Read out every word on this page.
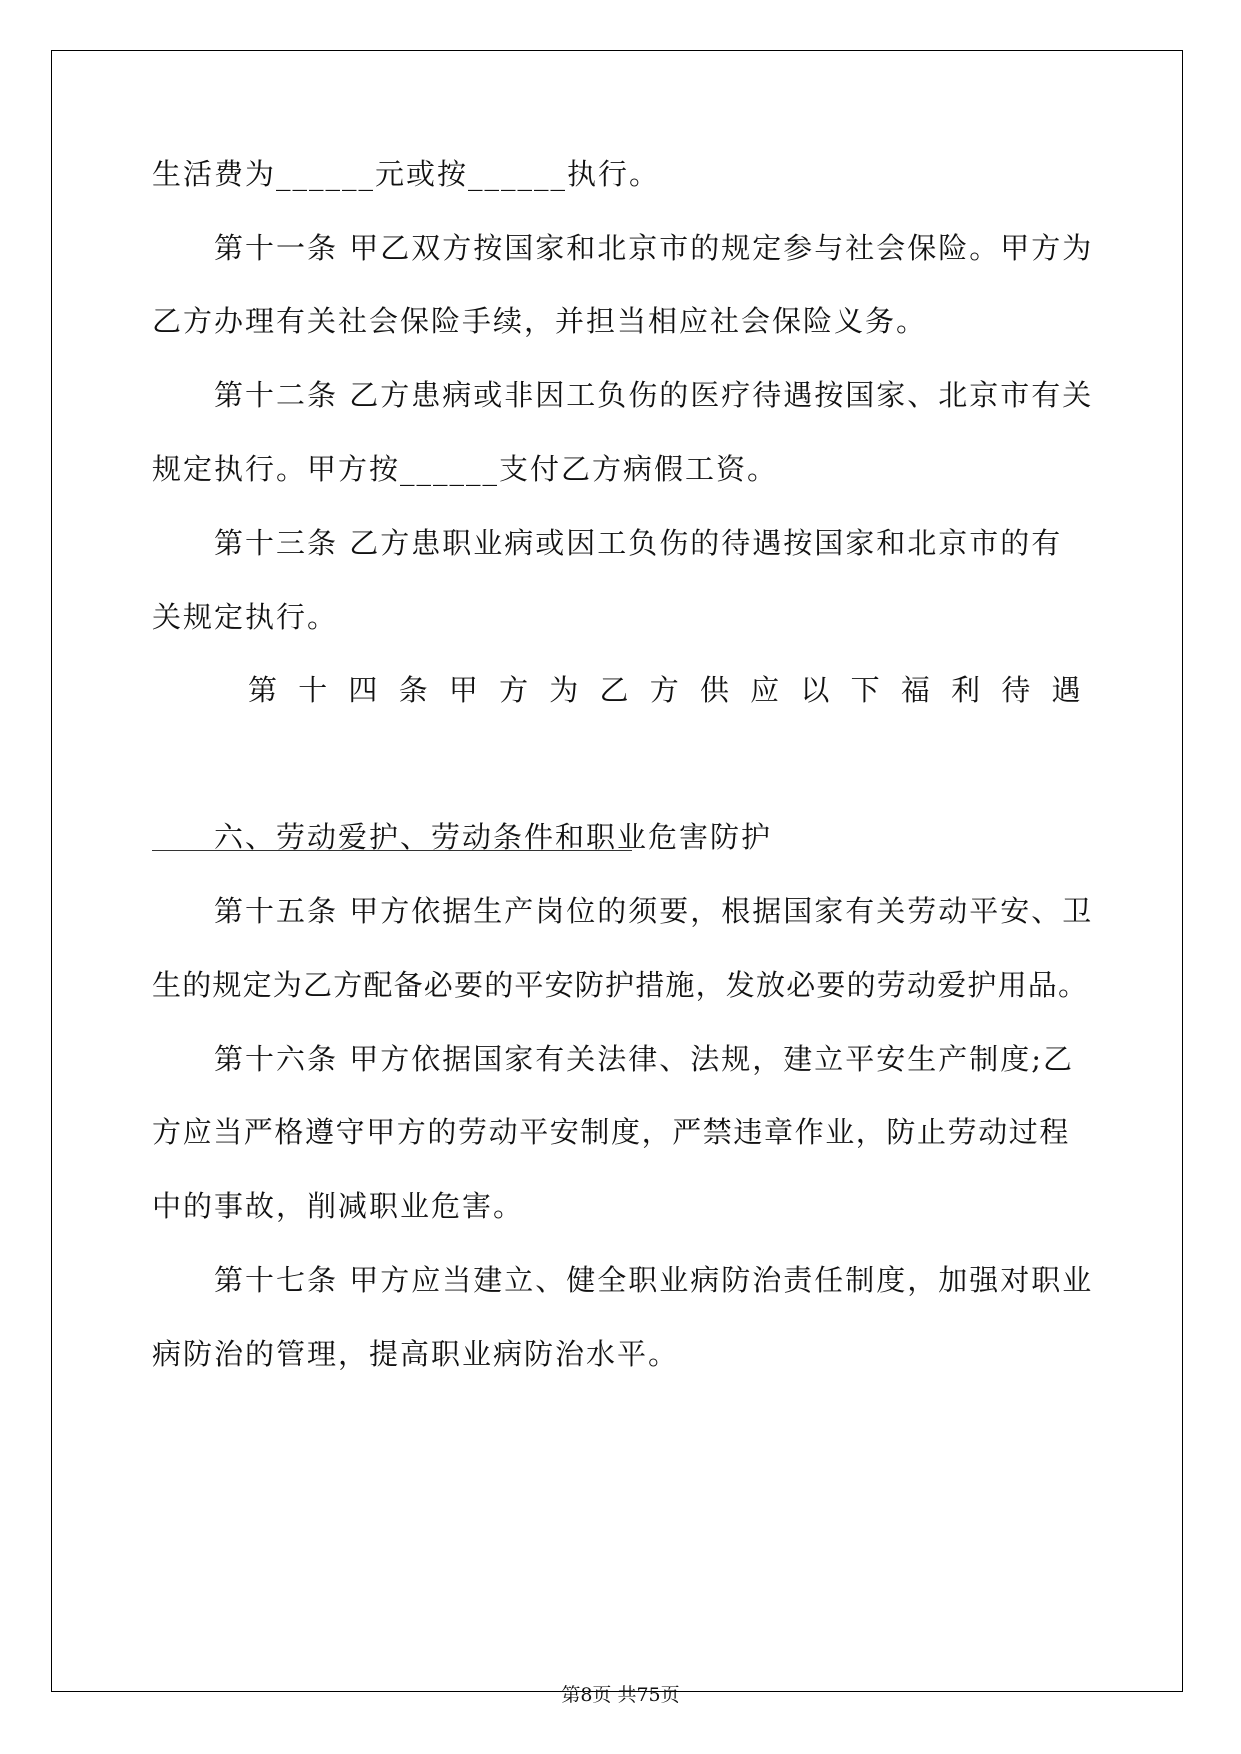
生活费为______元或按______执行。
第十一条 甲乙双方按国家和北京市的规定参与社会保险。甲方为
乙方办理有关社会保险手续，并担当相应社会保险义务。
第十二条 乙方患病或非因工负伤的医疗待遇按国家、北京市有关
规定执行。甲方按______支付乙方病假工资。
第十三条 乙方患职业病或因工负伤的待遇按国家和北京市的有
关规定执行。
第 十 四 条 甲 方 为 乙 方 供 应 以 下 福 利 待 遇
六、劳动爱护、劳动条件和职业危害防护
第十五条 甲方依据生产岗位的须要，根据国家有关劳动平安、卫
生的规定为乙方配备必要的平安防护措施，发放必要的劳动爱护用品。
第十六条 甲方依据国家有关法律、法规，建立平安生产制度;乙
方应当严格遵守甲方的劳动平安制度，严禁违章作业，防止劳动过程
中的事故，削减职业危害。
第十七条 甲方应当建立、健全职业病防治责任制度，加强对职业
病防治的管理，提高职业病防治水平。
第8页 共75页
